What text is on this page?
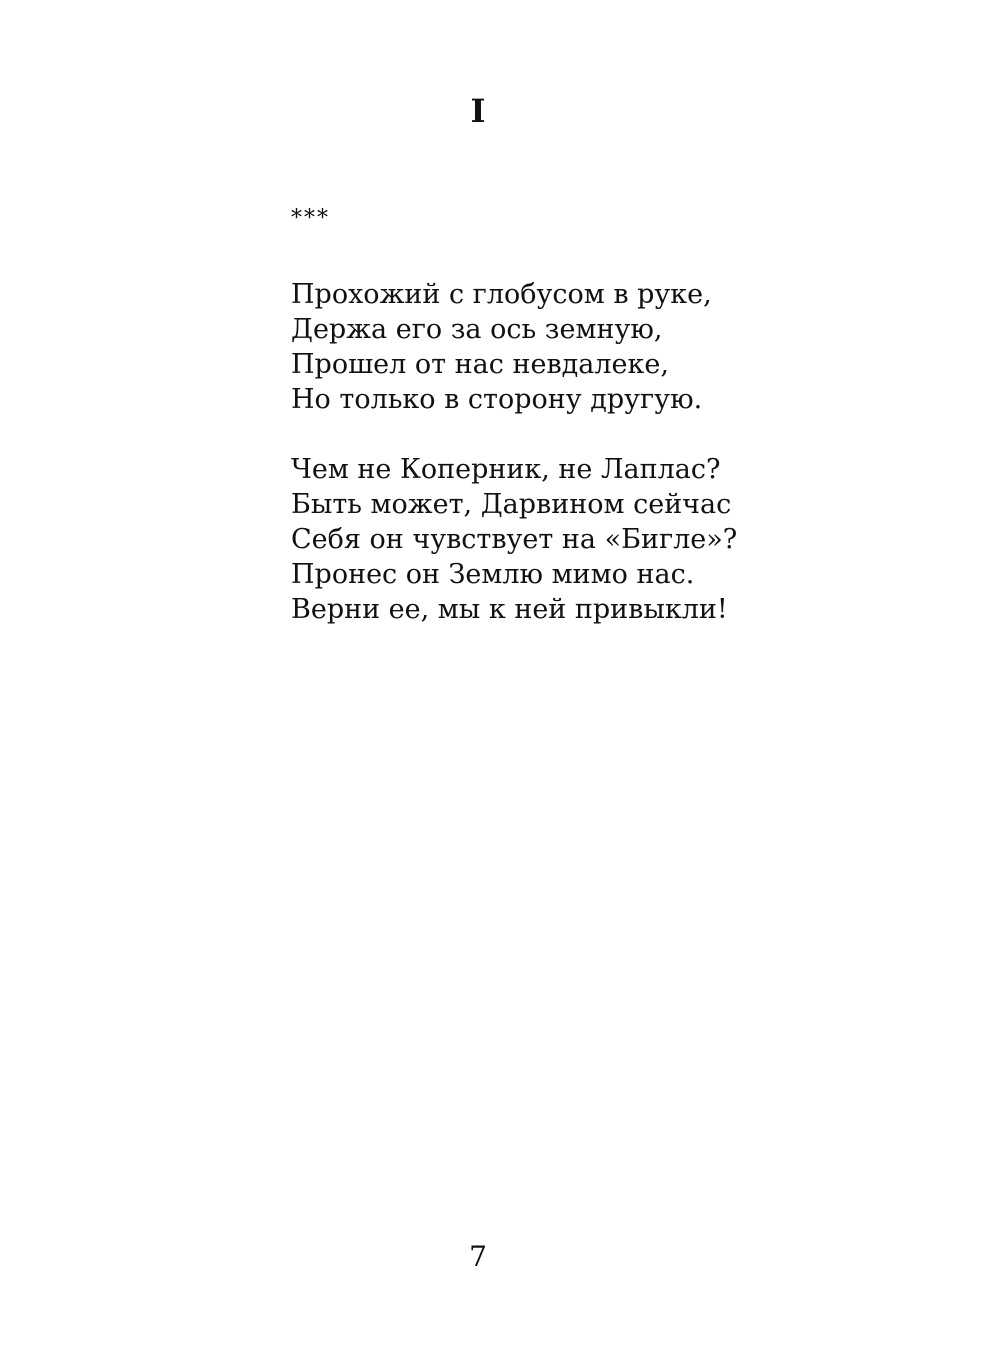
I
***
Прохожий с глобусом в руке,
Держа его за ось земную,
Прошел от нас невдалеке,
Но только в сторону другую.
Чем не Коперник, не Лаплас?
Быть может, Дарвином сейчас
Себя он чувствует на «Бигле»?
Пронес он Землю мимо нас.
Верни ее, мы к ней привыкли!
7
